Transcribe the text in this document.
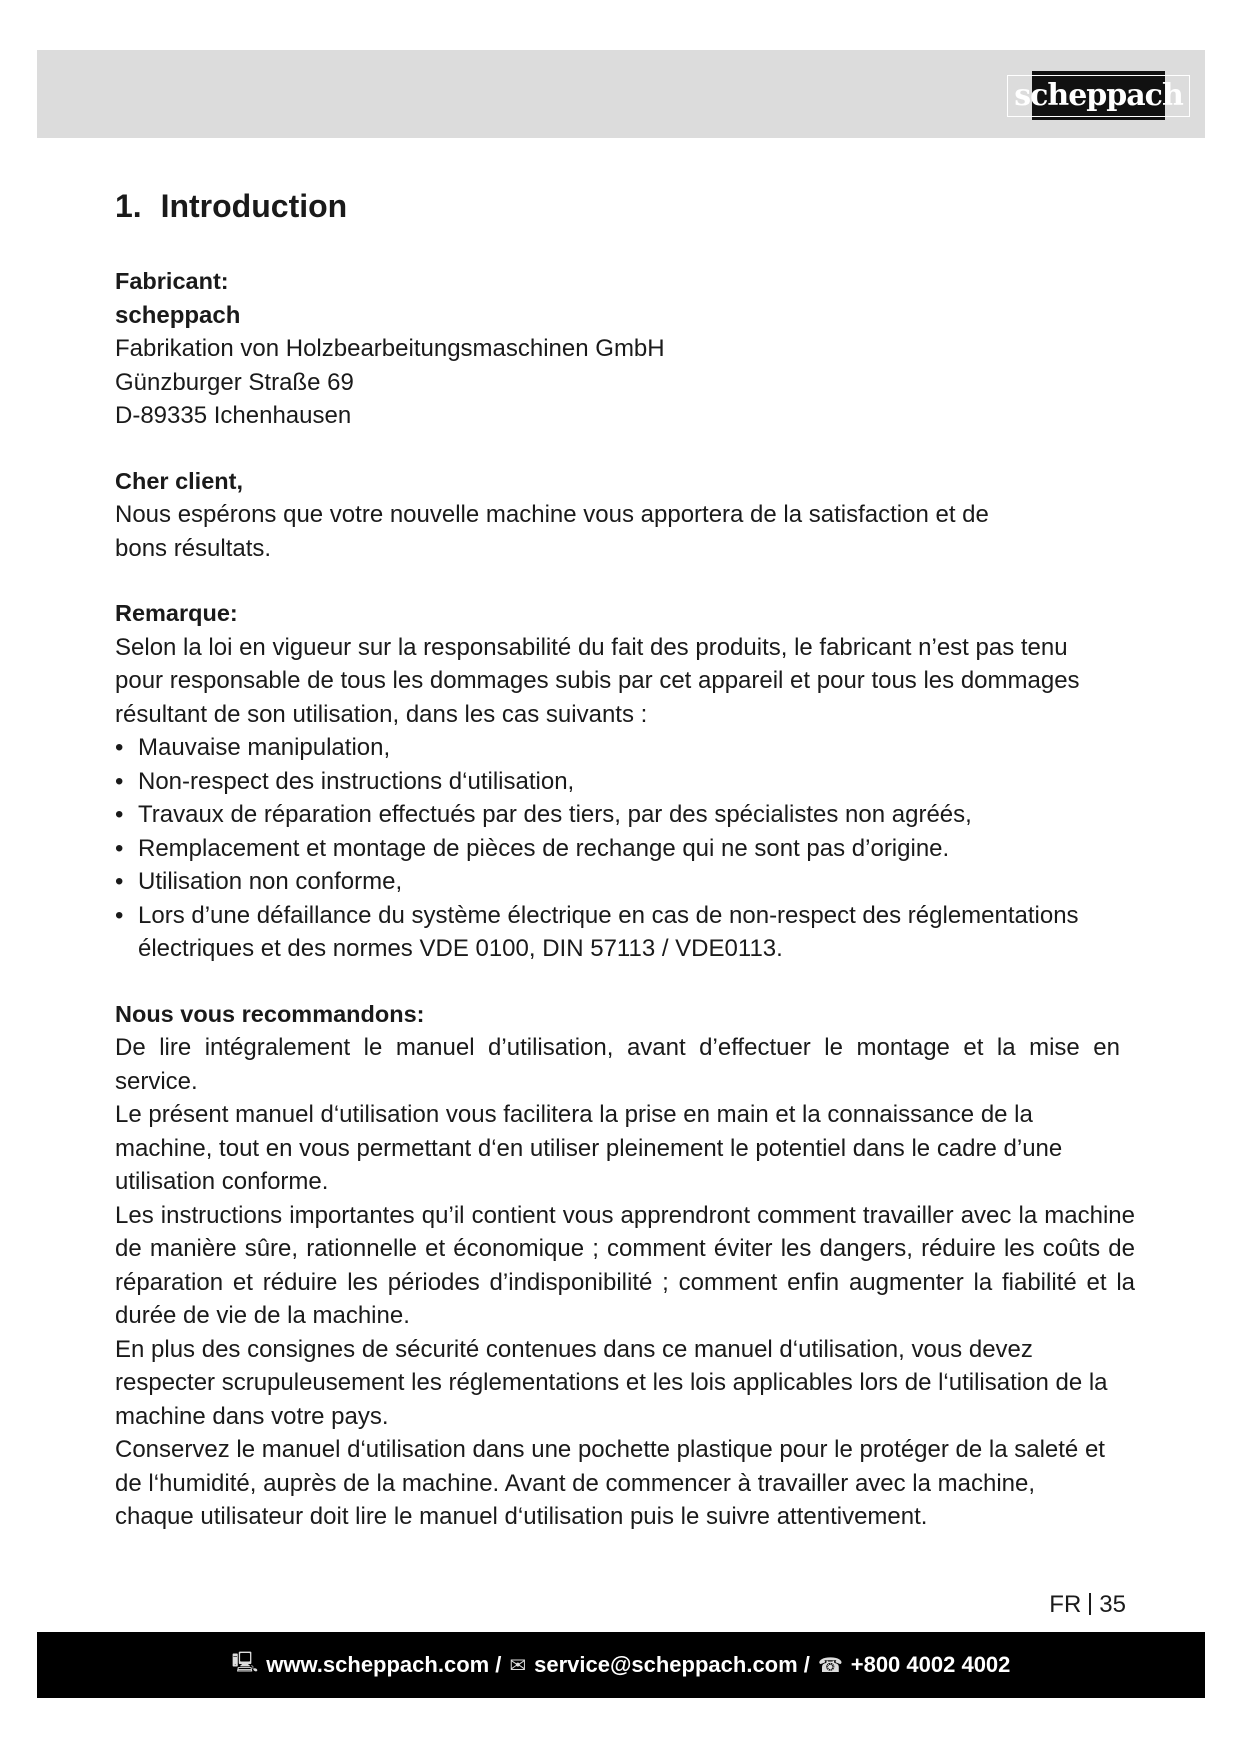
scheppach
1. Introduction

Fabricant:

scheppach

Fabrikation von Holzbearbeitungsmaschinen GmbH

Günzburger Straße 69

D-89335 Ichenhausen

Cher client,

Nous espérons que votre nouvelle machine vous apportera de la satisfaction et de bons résultats.

Remarque:

Selon la loi en vigueur sur la responsabilité du fait des produits, le fabricant n’est pas tenu pour responsable de tous les dommages subis par cet appareil et pour tous les dommages résultant de son utilisation, dans les cas suivants :

• Mauvaise manipulation,
• Non-respect des instructions d‘utilisation,
• Travaux de réparation effectués par des tiers, par des spécialistes non agréés,
• Remplacement et montage de pièces de rechange qui ne sont pas d’origine.
• Utilisation non conforme,
• Lors d’une défaillance du système électrique en cas de non-respect des réglementations électriques et des normes VDE 0100, DIN 57113 / VDE0113.

Nous vous recommandons:

De lire intégralement le manuel d’utilisation, avant d’effectuer le montage et la mise en service.

Le présent manuel d‘utilisation vous facilitera la prise en main et la connaissance de la machine, tout en vous permettant d‘en utiliser pleinement le potentiel dans le cadre d’une utilisation conforme.

Les instructions importantes qu’il contient vous apprendront comment travailler avec la machine de manière sûre, rationnelle et économique ; comment éviter les dangers, réduire les coûts de réparation et réduire les périodes d’indisponibilité ; comment enfin augmenter la fiabilité et la durée de vie de la machine.

En plus des consignes de sécurité contenues dans ce manuel d‘utilisation, vous devez respecter scrupuleusement les réglementations et les lois applicables lors de l‘utilisation de la machine dans votre pays.

Conservez le manuel d‘utilisation dans une pochette plastique pour le protéger de la saleté et de l‘humidité, auprès de la machine. Avant de commencer à travailler avec la machine, chaque utilisateur doit lire le manuel d‘utilisation puis le suivre attentivement.

FR 35
🖳 www.scheppach.com / ✉ service@scheppach.com / ☎ +800 4002 4002
